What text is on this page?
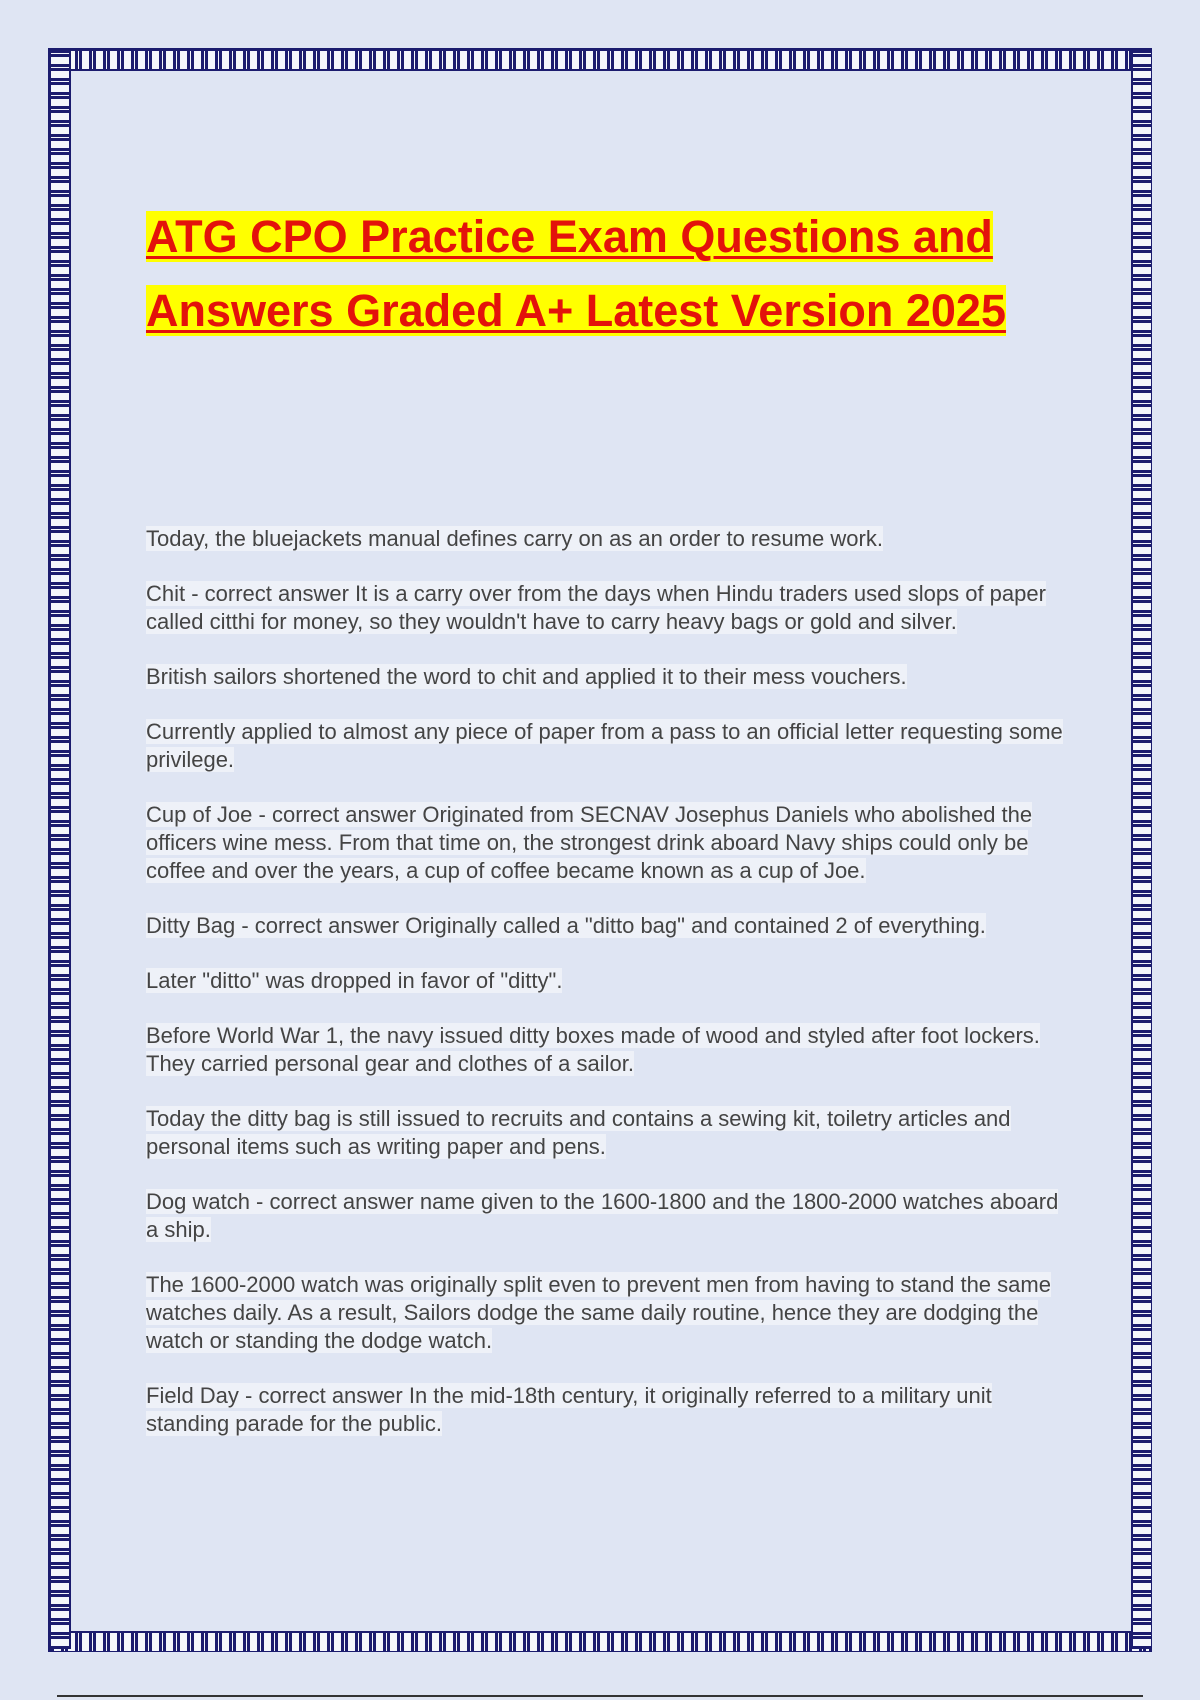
ATG CPO Practice Exam Questions and Answers Graded A+ Latest Version 2025

Today, the bluejackets manual defines carry on as an order to resume work.

Chit - correct answer It is a carry over from the days when Hindu traders used slops of paper called citthi for money, so they wouldn't have to carry heavy bags or gold and silver.

British sailors shortened the word to chit and applied it to their mess vouchers.

Currently applied to almost any piece of paper from a pass to an official letter requesting some privilege.

Cup of Joe - correct answer Originated from SECNAV Josephus Daniels who abolished the officers wine mess. From that time on, the strongest drink aboard Navy ships could only be coffee and over the years, a cup of coffee became known as a cup of Joe.

Ditty Bag - correct answer Originally called a "ditto bag" and contained 2 of everything.

Later "ditto" was dropped in favor of "ditty".

Before World War 1, the navy issued ditty boxes made of wood and styled after foot lockers. They carried personal gear and clothes of a sailor.

Today the ditty bag is still issued to recruits and contains a sewing kit, toiletry articles and personal items such as writing paper and pens.

Dog watch - correct answer name given to the 1600-1800 and the 1800-2000 watches aboard a ship.

The 1600-2000 watch was originally split even to prevent men from having to stand the same watches daily. As a result, Sailors dodge the same daily routine, hence they are dodging the watch or standing the dodge watch.

Field Day - correct answer In the mid-18th century, it originally referred to a military unit standing parade for the public.
